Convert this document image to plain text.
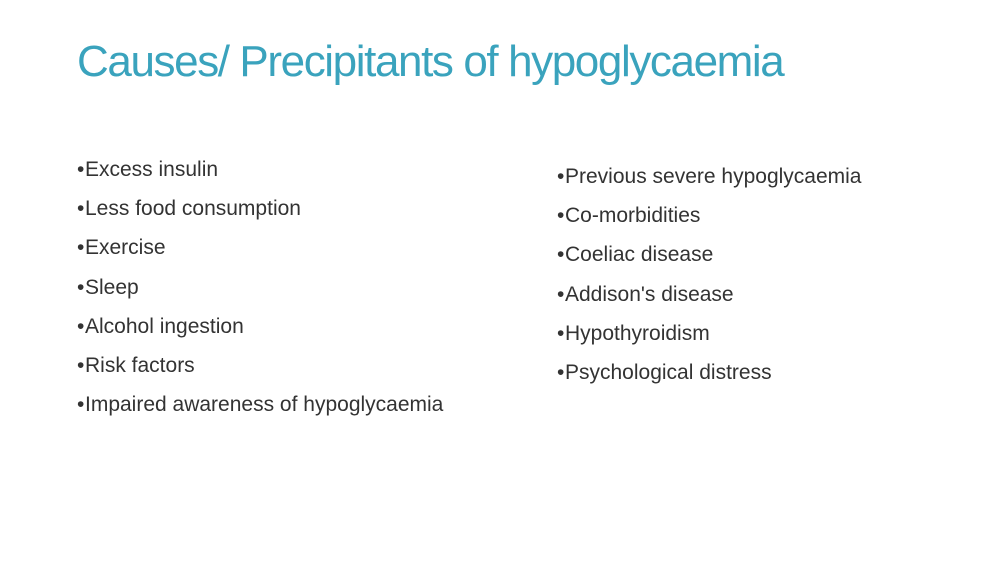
Causes/ Precipitants of hypoglycaemia
•Excess insulin
•Less food consumption
•Exercise
•Sleep
•Alcohol ingestion
•Risk factors
•Impaired awareness of hypoglycaemia
•Previous severe hypoglycaemia
•Co-morbidities
•Coeliac disease
•Addison's disease
•Hypothyroidism
•Psychological distress
